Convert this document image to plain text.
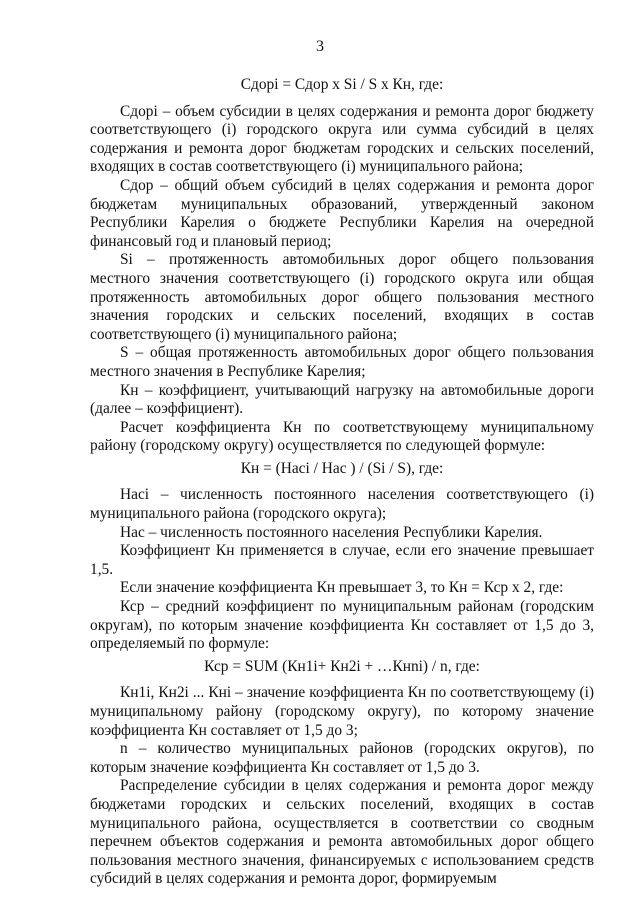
3

Сдорi = Сдор х Si / S х Кн, где:

Сдорi – объем субсидии в целях содержания и ремонта дорог бюджету соответствующего (i) городского округа или сумма субсидий в целях содержания и ремонта дорог бюджетам городских и сельских поселений, входящих в состав соответствующего (i) муниципального района;

Сдор – общий объем субсидий в целях содержания и ремонта дорог бюджетам муниципальных образований, утвержденный законом Республики Карелия о бюджете Республики Карелия на очередной финансовый год и плановый период;

Si – протяженность автомобильных дорог общего пользования местного значения соответствующего (i) городского округа или общая протяженность автомобильных дорог общего пользования местного значения городских и сельских поселений, входящих в состав соответствующего (i) муниципального района;

S – общая протяженность автомобильных дорог общего пользования местного значения в Республике Карелия;

Кн – коэффициент, учитывающий нагрузку на автомобильные дороги (далее – коэффициент).

Расчет коэффициента Кн по соответствующему муниципальному району (городскому округу) осуществляется по следующей формуле:

Кн = (Насi / Нас ) / (Si / S), где:

Насi – численность постоянного населения соответствующего (i) муниципального района (городского округа);

Нас – численность постоянного населения Республики Карелия.

Коэффициент Кн применяется в случае, если его значение превышает 1,5.

Если значение коэффициента Кн превышает 3, то Кн = Кср х 2, где:

Кср – средний коэффициент по муниципальным районам (городским округам), по которым значение коэффициента Кн составляет от 1,5 до 3, определяемый по формуле:

Кср = SUM (Кн1i+ Кн2i + …Кнni) / n, где:

Кн1i, Кн2i ... Кнi – значение коэффициента Кн по соответствующему (i) муниципальному району (городскому округу), по которому значение коэффициента Кн составляет от 1,5 до 3;

n – количество муниципальных районов (городских округов), по которым значение коэффициента Кн составляет от 1,5 до 3.

Распределение субсидии в целях содержания и ремонта дорог между бюджетами городских и сельских поселений, входящих в состав муниципального района, осуществляется в соответствии со сводным перечнем объектов содержания и ремонта автомобильных дорог общего пользования местного значения, финансируемых с использованием средств субсидий в целях содержания и ремонта дорог, формируемым
